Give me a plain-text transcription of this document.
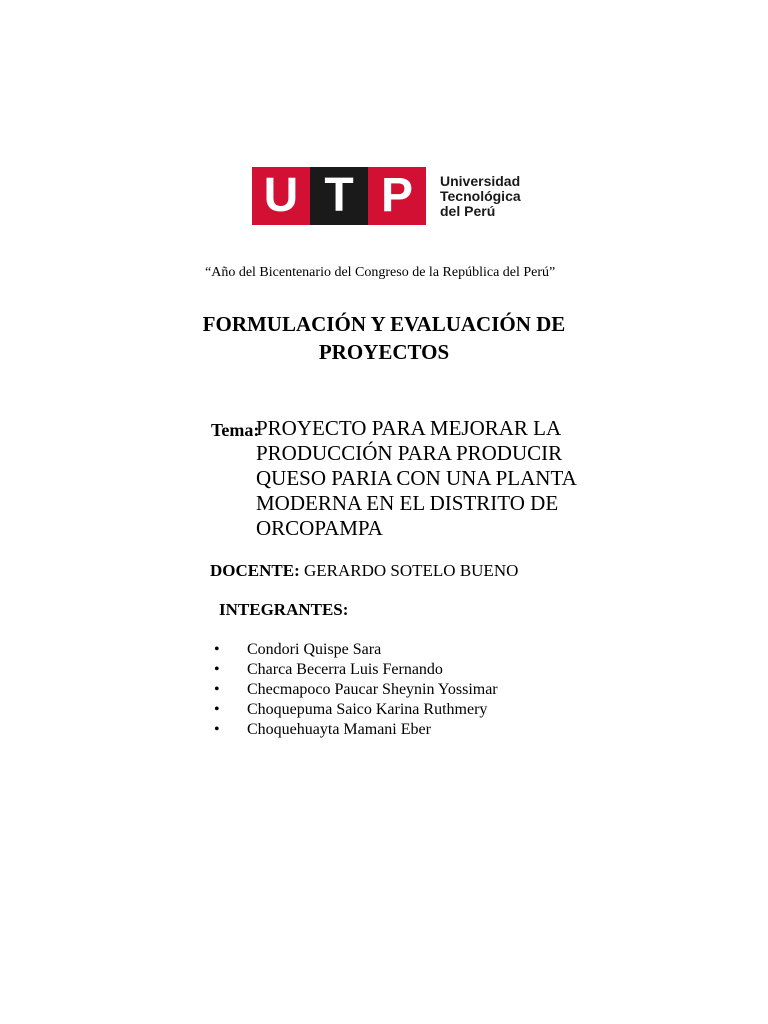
U T P	Universidad
Tecnológica
del Perú
“Año del Bicentenario del Congreso de la República del Perú”
FORMULACIÓN Y EVALUACIÓN DE
PROYECTOS
Tema:
PROYECTO PARA MEJORAR LA
PRODUCCIÓN PARA PRODUCIR
QUESO PARIA CON UNA PLANTA
MODERNA EN EL DISTRITO DE
ORCOPAMPA
DOCENTE: GERARDO SOTELO BUENO
INTEGRANTES:
• Condori Quispe Sara
• Charca Becerra Luis Fernando
• Checmapoco Paucar Sheynin Yossimar
• Choquepuma Saico Karina Ruthmery
• Choquehuayta Mamani Eber
